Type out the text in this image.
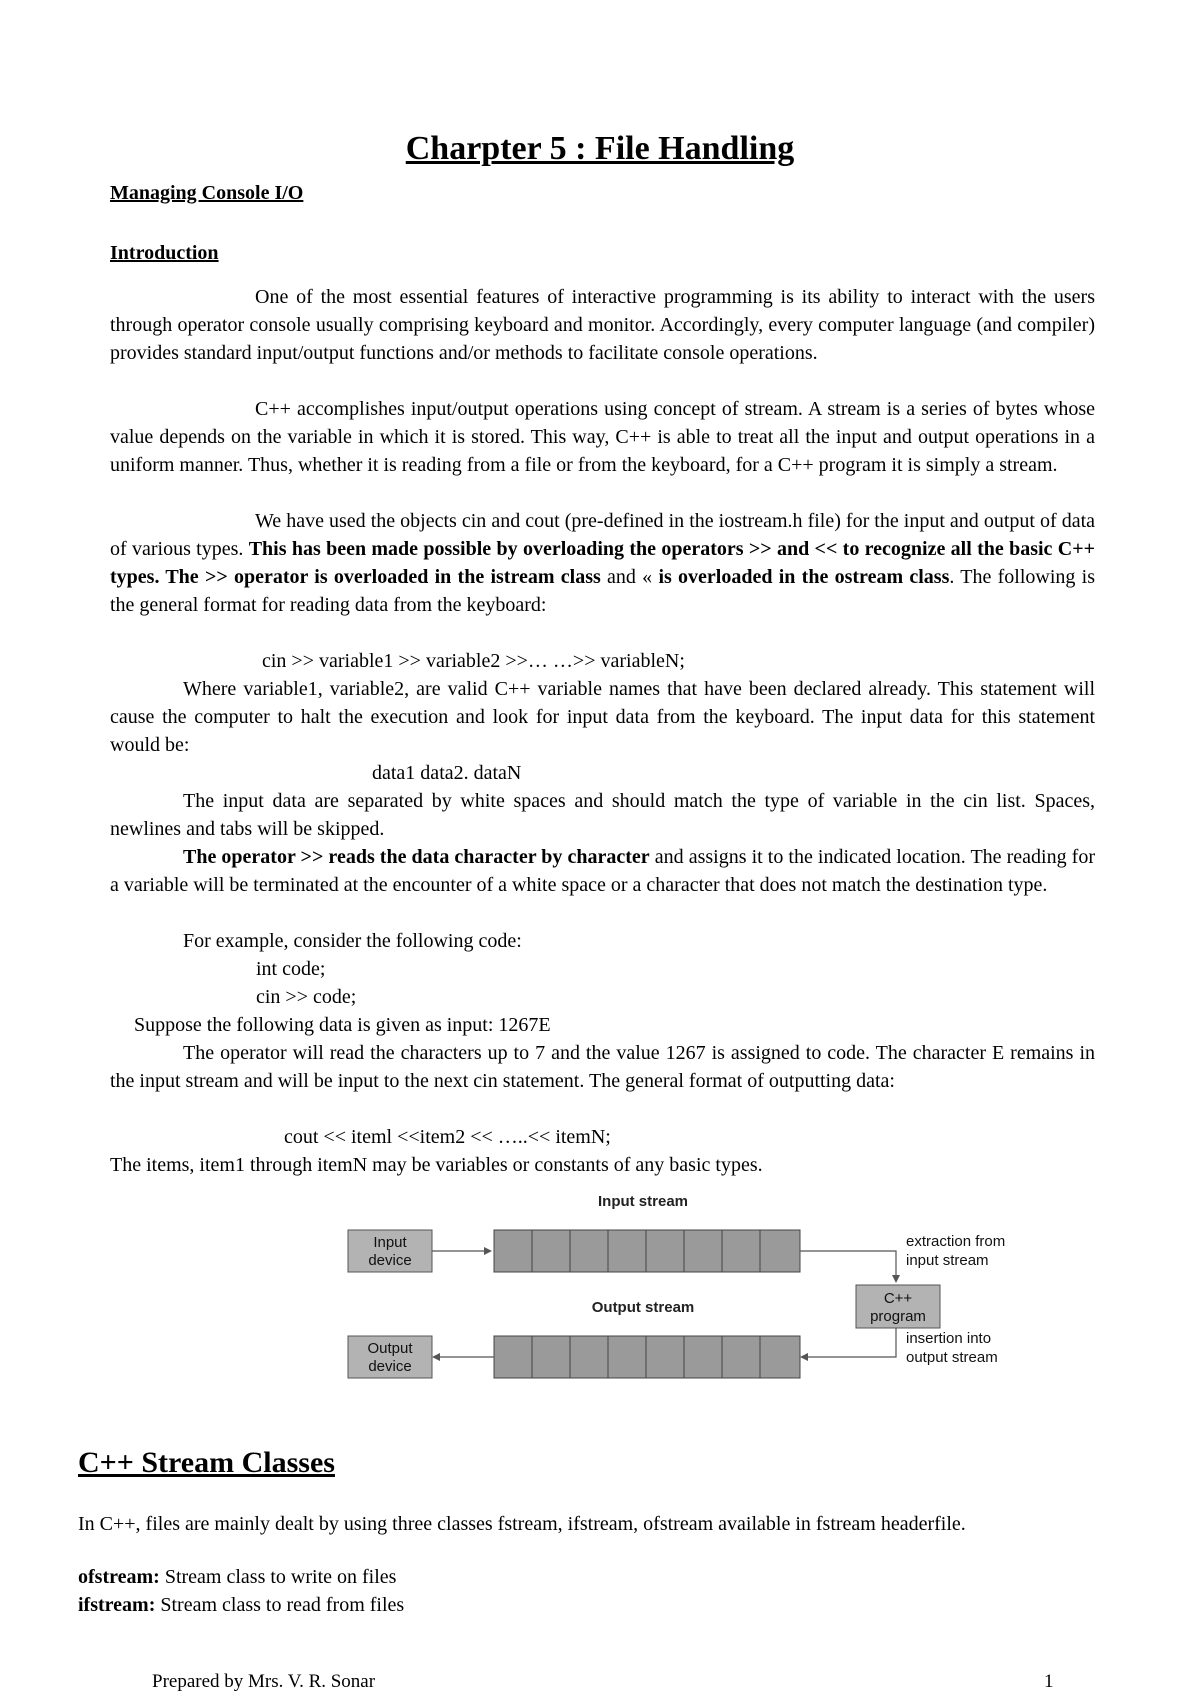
Charpter 5 : File Handling
Managing Console I/O
Introduction
One of the most essential features of interactive programming is its ability to interact with the users through operator console usually comprising keyboard and monitor. Accordingly, every computer language (and compiler) provides standard input/output functions and/or methods to facilitate console operations.
C++ accomplishes input/output operations using concept of stream. A stream is a series of bytes whose value depends on the variable in which it is stored. This way, C++ is able to treat all the input and output operations in a uniform manner. Thus, whether it is reading from a file or from the keyboard, for a C++ program it is simply a stream.
We have used the objects cin and cout (pre-defined in the iostream.h file) for the input and output of data of various types. This has been made possible by overloading the operators >> and << to recognize all the basic C++ types. The >> operator is overloaded in the istream class and « is overloaded in the ostream class. The following is the general format for reading data from the keyboard:
cin >> variable1 >> variable2 >>… …>> variableN;
Where variable1, variable2, are valid C++ variable names that have been declared already. This statement will cause the computer to halt the execution and look for input data from the keyboard. The input data for this statement would be:
data1 data2. dataN
The input data are separated by white spaces and should match the type of variable in the cin list. Spaces, newlines and tabs will be skipped.
The operator >> reads the data character by character and assigns it to the indicated location. The reading for a variable will be terminated at the encounter of a white space or a character that does not match the destination type.
For example, consider the following code:
int code;
cin >> code;
Suppose the following data is given as input: 1267E
The operator will read the characters up to 7 and the value 1267 is assigned to code. The character E remains in the input stream and will be input to the next cin statement. The general format of outputting data:
cout << iteml <<item2 << …..<< itemN;
The items, item1 through itemN may be variables or constants of any basic types.
Input stream
Input
device
extraction from
input stream
C++
program
Output stream
insertion into
output stream
Output
device
C++ Stream Classes
In C++, files are mainly dealt by using three classes fstream, ifstream, ofstream available in fstream headerfile.
ofstream: Stream class to write on files
ifstream: Stream class to read from files
Prepared by Mrs. V. R. Sonar	1
